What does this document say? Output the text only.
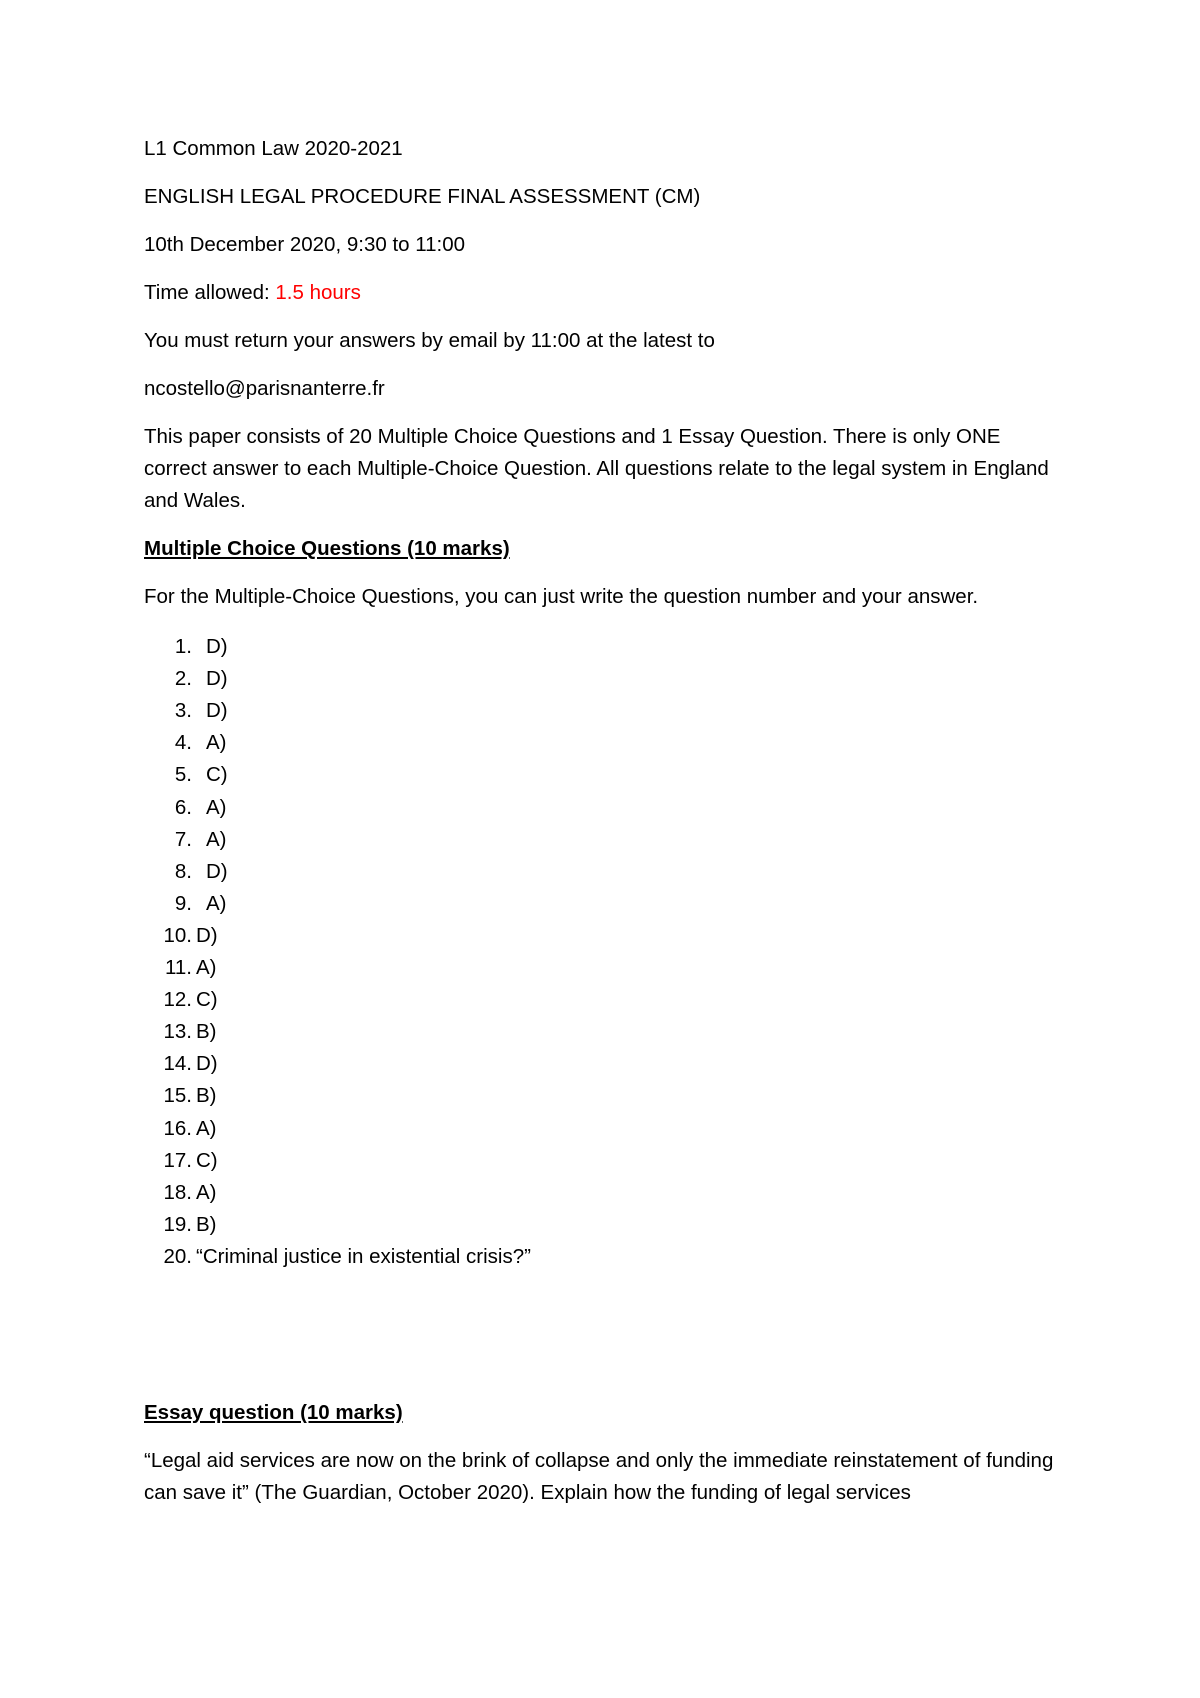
L1 Common Law 2020-2021
ENGLISH LEGAL PROCEDURE FINAL ASSESSMENT (CM)
10th December 2020, 9:30 to 11:00
Time allowed: 1.5 hours
You must return your answers by email by 11:00 at the latest to
ncostello@parisnanterre.fr
This paper consists of 20 Multiple Choice Questions and 1 Essay Question. There is only ONE correct answer to each Multiple-Choice Question. All questions relate to the legal system in England and Wales.
Multiple Choice Questions (10 marks)
For the Multiple-Choice Questions, you can just write the question number and your answer.
1. D)
2. D)
3. D)
4. A)
5. C)
6. A)
7. A)
8. D)
9. A)
10. D)
11. A)
12. C)
13. B)
14. D)
15. B)
16. A)
17. C)
18. A)
19. B)
20. “Criminal justice in existential crisis?”
Essay question (10 marks)
“Legal aid services are now on the brink of collapse and only the immediate reinstatement of funding can save it” (The Guardian, October 2020). Explain how the funding of legal services
